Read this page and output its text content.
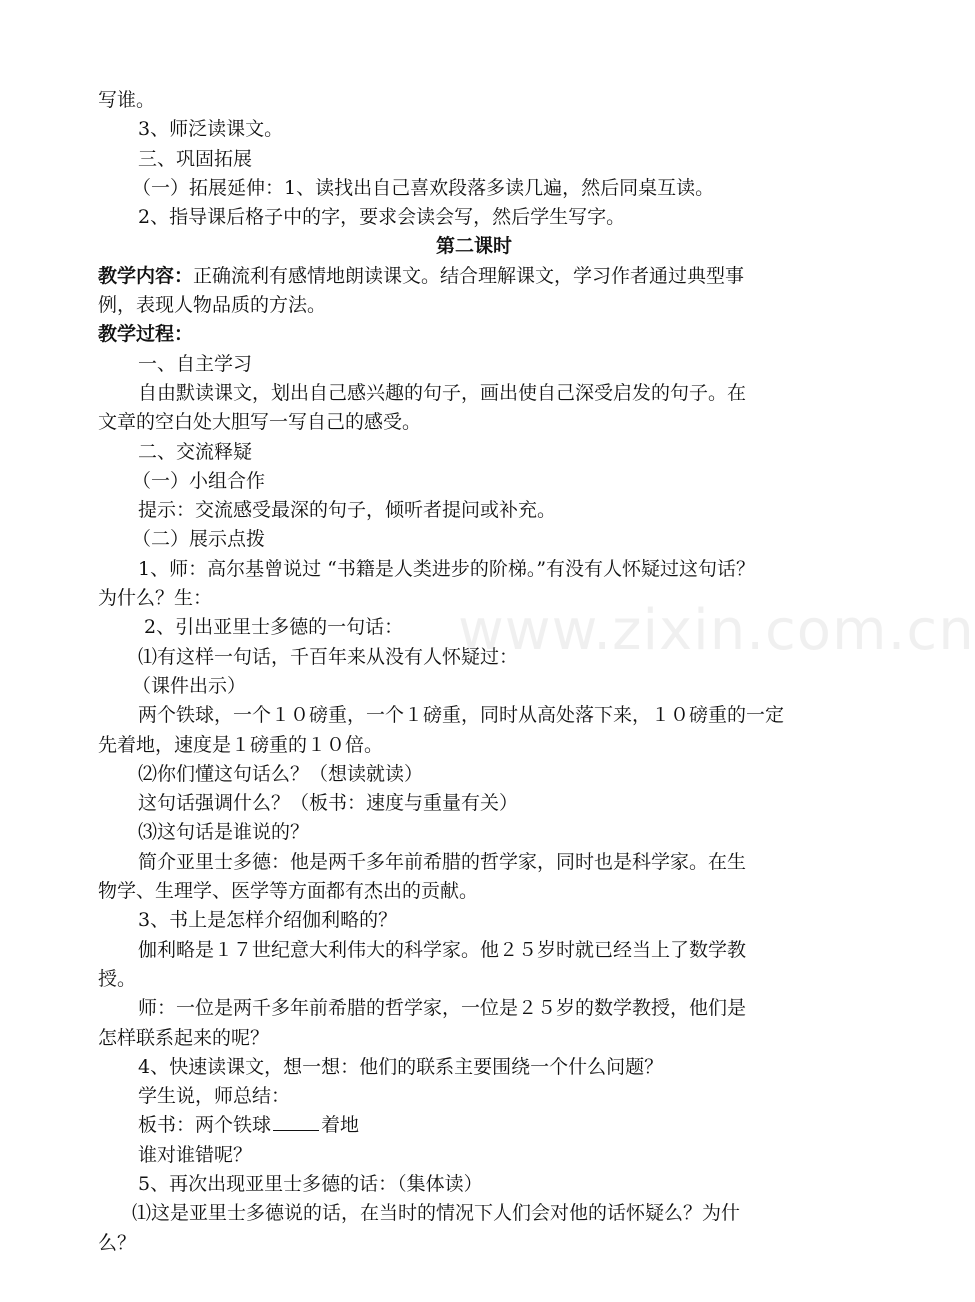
写谁。
3、师泛读课文。
三、巩固拓展
（一）拓展延伸：1、读找出自己喜欢段落多读几遍，然后同桌互读。
2、指导课后格子中的字，要求会读会写，然后学生写字。
第二课时
教学内容：正确流利有感情地朗读课文。结合理解课文，学习作者通过典型事
例，表现人物品质的方法。
教学过程：
一、自主学习
自由默读课文，划出自己感兴趣的句子，画出使自己深受启发的句子。在
文章的空白处大胆写一写自己的感受。
二、交流释疑
（一）小组合作
提示：交流感受最深的句子，倾听者提问或补充。
（二）展示点拨
1、师：高尔基曾说过 “书籍是人类进步的阶梯。”有没有人怀疑过这句话？
为什么？生：
2、引出亚里士多德的一句话：
⑴有这样一句话，千百年来从没有人怀疑过：
（课件出示）
两个铁球，一个１０磅重，一个１磅重，同时从高处落下来，１０磅重的一定
先着地，速度是１磅重的１０倍。
⑵你们懂这句话么？（想读就读）
这句话强调什么？（板书：速度与重量有关）
⑶这句话是谁说的？
简介亚里士多德：他是两千多年前希腊的哲学家，同时也是科学家。在生
物学、生理学、医学等方面都有杰出的贡献。
3、书上是怎样介绍伽利略的？
伽利略是１７世纪意大利伟大的科学家。他２５岁时就已经当上了数学教
授。
师：一位是两千多年前希腊的哲学家，一位是２５岁的数学教授，他们是
怎样联系起来的呢？
4、快速读课文，想一想：他们的联系主要围绕一个什么问题？
学生说，师总结：
板书：两个铁球	着地
谁对谁错呢？
5、再次出现亚里士多德的话：（集体读）
⑴这是亚里士多德说的话，在当时的情况下人们会对他的话怀疑么？为什
么？
www.zixin.com.cn
